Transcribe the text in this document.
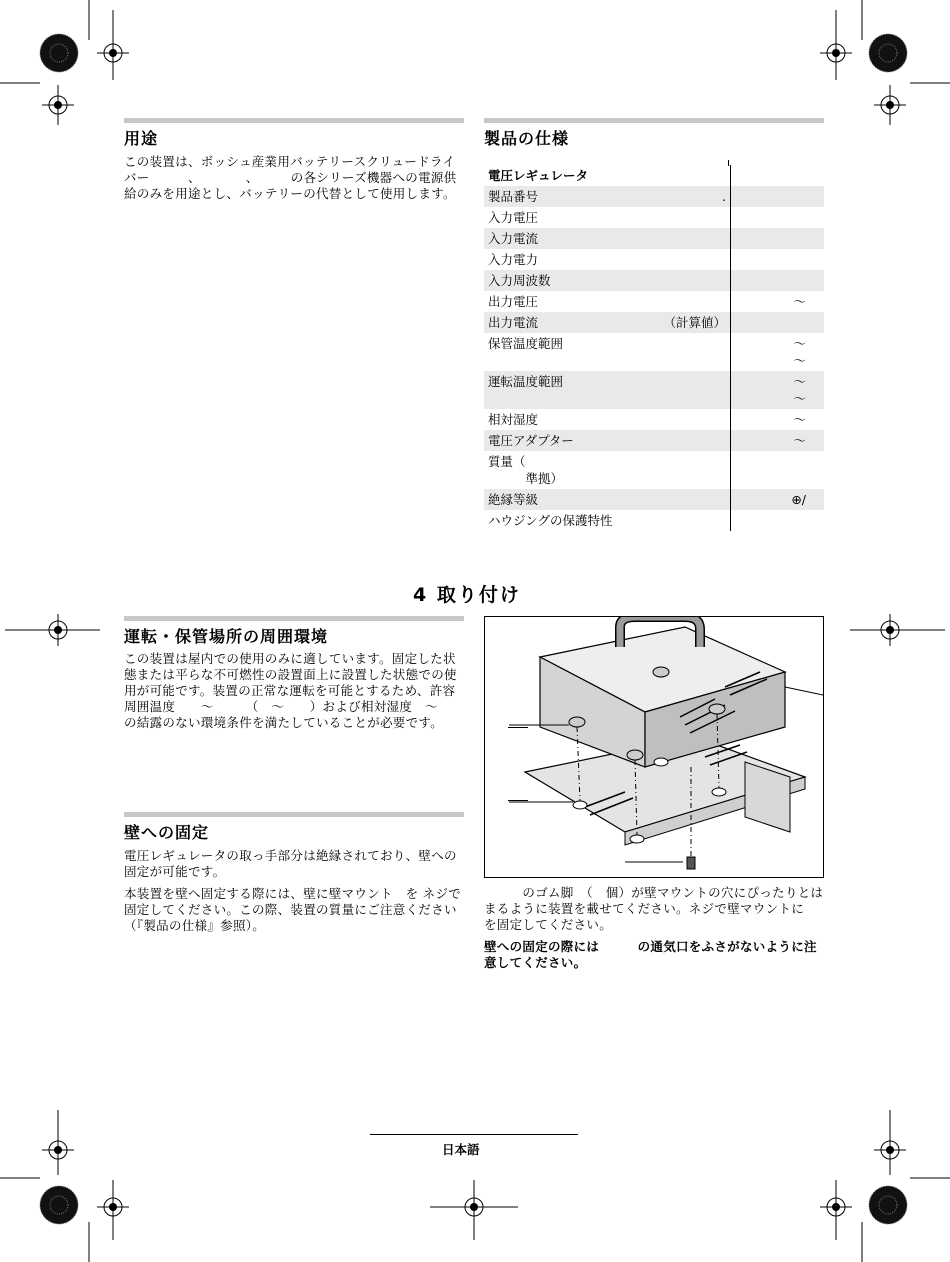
用途

この装置は、ボッシュ産業用バッテリースクリュードライバー　　　、　　　　、　　　の各シリーズ機器への電源供給のみを用途とし、バッテリーの代替として使用します。

製品の仕様
電圧レギュレータ	
製品番号 .	

入力電圧	
入力電流	
入力電力	
入力周波数	
出力電圧	～
出力電流 （計算値）	

保管温度範囲	～
～
運転温度範囲	～
～
相対湿度	～
電圧アダプター	～
質量（
　　　準拠）	
絶縁等級	⊕/
ハウジングの保護特性	
4 取り付け
運転・保管場所の周囲環境
この装置は屋内での使用のみに適しています。固定した状態または平らな不可燃性の設置面上に設置した状態での使用が可能です。装置の正常な運転を可能とするため、許容周囲温度　　～　　　（　～　　）および相対湿度　～　　の結露のない環境条件を満たしていることが必要です。
壁への固定

電圧レギュレータの取っ手部分は絶縁されており、壁への固定が可能です。

本装置を壁へ固定する際には、壁に壁マウント　を ネジで固定してください。この際、装置の質量にご注意ください（『製品の仕様』参照）。

　　　のゴム脚　（　個）が壁マウントの穴にぴったりとはまるように装置を載せてください。ネジで壁マウントに　　　を固定してください。

壁への固定の際には　　　の通気口をふさがないように注意してください。

日本語
